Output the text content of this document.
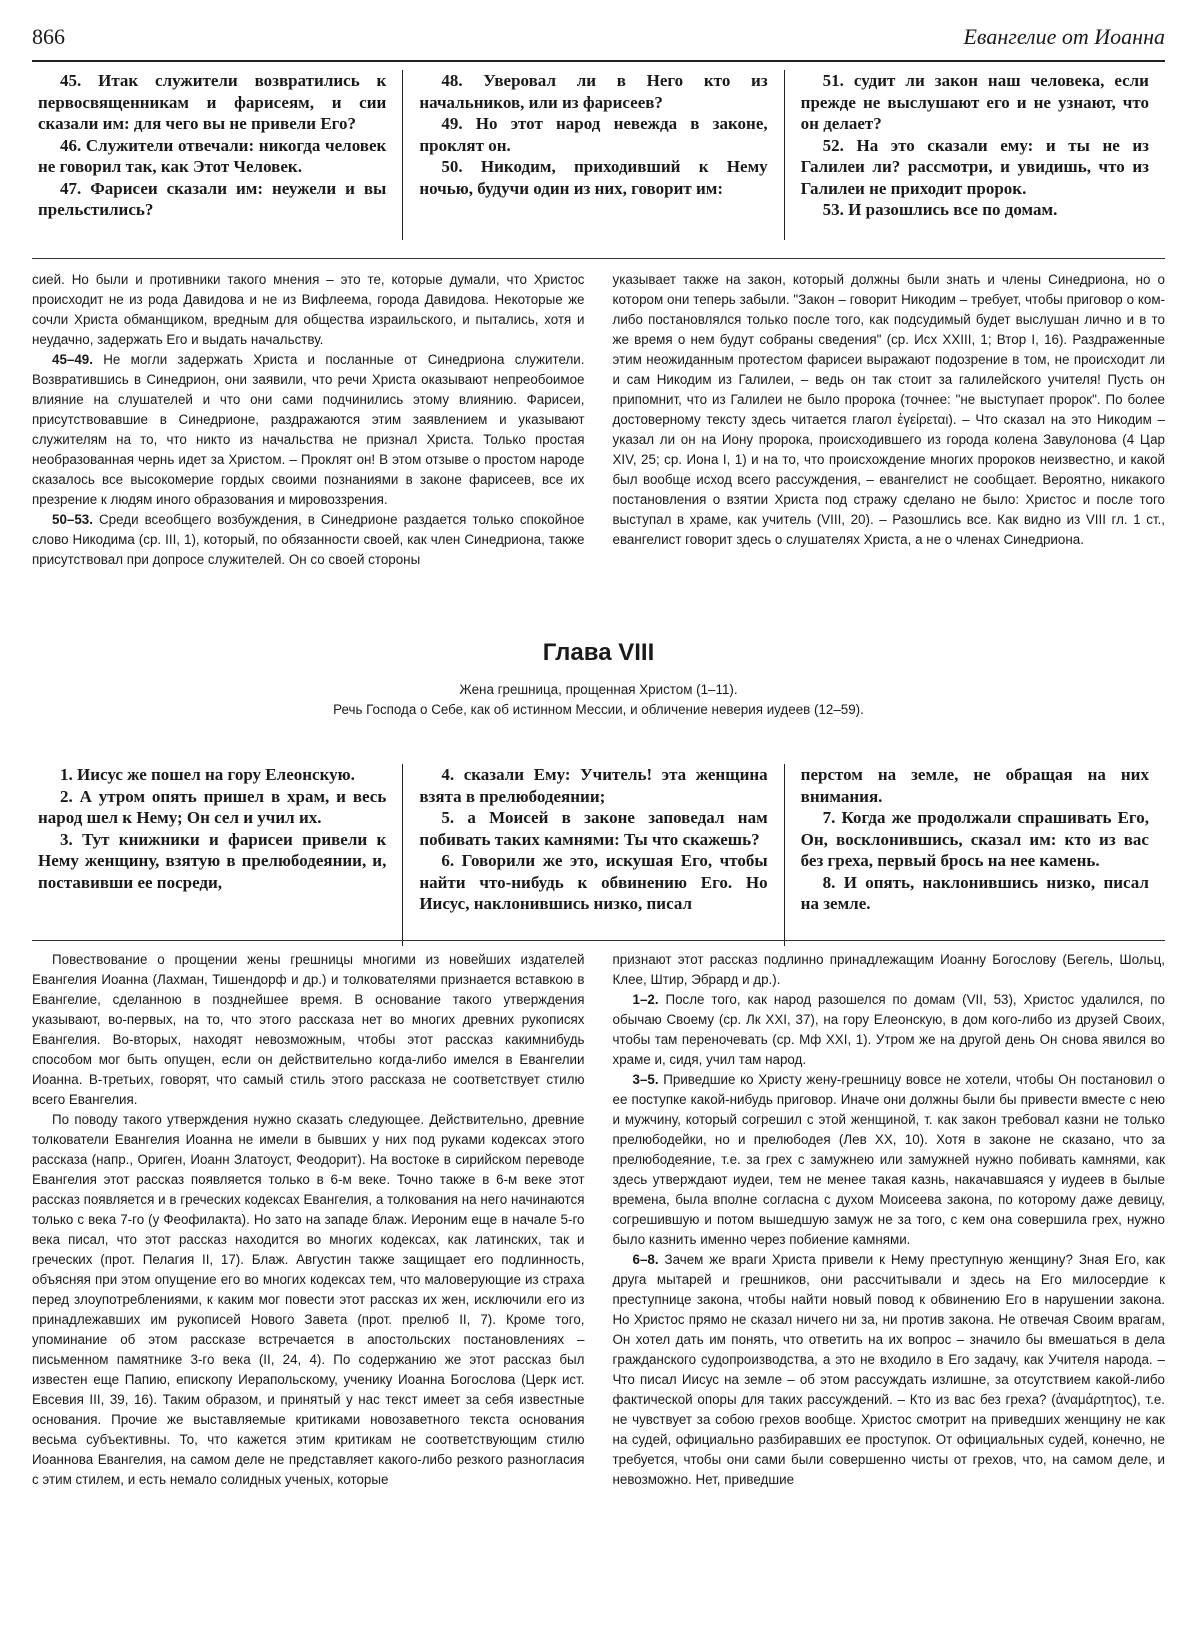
866	Евангелие от Иоанна

45. Итак служители возвратились к первосвященникам и фарисеям, и сии сказали им: для чего вы не привели Его?

46. Служители отвечали: никогда человек не говорил так, как Этот Человек.

47. Фарисеи сказали им: неужели и вы прельстились?

48. Уверовал ли в Него кто из начальников, или из фарисеев?

49. Но этот народ невежда в законе, проклят он.

50. Никодим, приходивший к Нему ночью, будучи один из них, говорит им:

51. судит ли закон наш человека, если прежде не выслушают его и не узнают, что он делает?

52. На это сказали ему: и ты не из Галилеи ли? рассмотри, и увидишь, что из Галилеи не приходит пророк.

53. И разошлись все по домам.

сией. Но были и противники такого мнения – это те, которые думали, что Христос происходит не из рода Давидова и не из Вифлеема, города Давидова. Некоторые же сочли Христа обманщиком, вредным для общества израильского, и пытались, хотя и неудачно, задержать Его и выдать начальству.

45–49. Не могли задержать Христа и посланные от Синедриона служители. Возвратившись в Синедрион, они заявили, что речи Христа оказывают непреобоимое влияние на слушателей и что они сами подчинились этому влиянию. Фарисеи, присутствовавшие в Синедрионе, раздражаются этим заявлением и указывают служителям на то, что никто из начальства не признал Христа. Только простая необразованная чернь идет за Христом. – Проклят он! В этом отзыве о простом народе сказалось все высокомерие гордых своими познаниями в законе фарисеев, все их презрение к людям иного образования и мировоззрения.

50–53. Среди всеобщего возбуждения, в Синедрионе раздается только спокойное слово Никодима (ср. III, 1), который, по обязанности своей, как член Синедриона, также присутствовал при допросе служителей. Он со своей стороны

указывает также на закон, который должны были знать и члены Синедриона, но о котором они теперь забыли. "Закон – говорит Никодим – требует, чтобы приговор о ком-либо постановлялся только после того, как подсудимый будет выслушан лично и в то же время о нем будут собраны сведения" (ср. Исх XXIII, 1; Втор I, 16). Раздраженные этим неожиданным протестом фарисеи выражают подозрение в том, не происходит ли и сам Никодим из Галилеи, – ведь он так стоит за галилейского учителя! Пусть он припомнит, что из Галилеи не было пророка (точнее: "не выступает пророк". По более достоверному тексту здесь читается глагол ἐγείρεται). – Что сказал на это Никодим – указал ли он на Иону пророка, происходившего из города колена Завулонова (4 Цар XIV, 25; ср. Иона I, 1) и на то, что происхождение многих пророков неизвестно, и какой был вообще исход всего рассуждения, – евангелист не сообщает. Вероятно, никакого постановления о взятии Христа под стражу сделано не было: Христос и после того выступал в храме, как учитель (VIII, 20). – Разошлись все. Как видно из VIII гл. 1 ст., евангелист говорит здесь о слушателях Христа, а не о членах Синедриона.

Глава VIII
Жена грешница, прощенная Христом (1–11).
Речь Господа о Себе, как об истинном Мессии, и обличение неверия иудеев (12–59).

1. Иисус же пошел на гору Елеонскую.

2. А утром опять пришел в храм, и весь народ шел к Нему; Он сел и учил их.

3. Тут книжники и фарисеи привели к Нему женщину, взятую в прелюбодеянии, и, поставивши ее посреди,

4. сказали Ему: Учитель! эта женщина взята в прелюбодеянии;

5. а Моисей в законе заповедал нам побивать таких камнями: Ты что скажешь?

6. Говорили же это, искушая Его, чтобы найти что-нибудь к обвинению Его. Но Иисус, наклонившись низко, писал

перстом на земле, не обращая на них внимания.

7. Когда же продолжали спрашивать Его, Он, восклонившись, сказал им: кто из вас без греха, первый брось на нее камень.

8. И опять, наклонившись низко, писал на земле.

Повествование о прощении жены грешницы многими из новейших издателей Евангелия Иоанна (Лахман, Тишендорф и др.) и толкователями признается вставкою в Евангелие, сделанною в позднейшее время. В основание такого утверждения указывают, во-первых, на то, что этого рассказа нет во многих древних рукописях Евангелия. Во-вторых, находят невозможным, чтобы этот рассказ какимнибудь способом мог быть опущен, если он действительно когда-либо имелся в Евангелии Иоанна. В-третьих, говорят, что самый стиль этого рассказа не соответствует стилю всего Евангелия.

По поводу такого утверждения нужно сказать следующее. Действительно, древние толкователи Евангелия Иоанна не имели в бывших у них под руками кодексах этого рассказа (напр., Ориген, Иоанн Златоуст, Феодорит). На востоке в сирийском переводе Евангелия этот рассказ появляется только в 6-м веке. Точно также в 6-м веке этот рассказ появляется и в греческих кодексах Евангелия, а толкования на него начинаются только с века 7-го (у Феофилакта). Но зато на западе блаж. Иероним еще в начале 5-го века писал, что этот рассказ находится во многих кодексах, как латинских, так и греческих (прот. Пелагия II, 17). Блаж. Августин также защищает его подлинность, объясняя при этом опущение его во многих кодексах тем, что маловерующие из страха перед злоупотреблениями, к каким мог повести этот рассказ их жен, исключили его из принадлежавших им рукописей Нового Завета (прот. прелюб II, 7). Кроме того, упоминание об этом рассказе встречается в апостольских постановлениях – письменном памятнике 3-го века (II, 24, 4). По содержанию же этот рассказ был известен еще Папию, епископу Иерапольскому, ученику Иоанна Богослова (Церк ист. Евсевия III, 39, 16). Таким образом, и принятый у нас текст имеет за себя известные основания. Прочие же выставляемые критиками новозаветного текста основания весьма субъективны. То, что кажется этим критикам не соответствующим стилю Иоаннова Евангелия, на самом деле не представляет какого-либо резкого разногласия с этим стилем, и есть немало солидных ученых, которые

признают этот рассказ подлинно принадлежащим Иоанну Богослову (Бегель, Шольц, Клее, Штир, Эбрард и др.).

1–2. После того, как народ разошелся по домам (VII, 53), Христос удалился, по обычаю Своему (ср. Лк XXI, 37), на гору Елеонскую, в дом кого-либо из друзей Своих, чтобы там переночевать (ср. Мф XXI, 1). Утром же на другой день Он снова явился во храме и, сидя, учил там народ.

3–5. Приведшие ко Христу жену-грешницу вовсе не хотели, чтобы Он постановил о ее поступке какой-нибудь приговор. Иначе они должны были бы привести вместе с нею и мужчину, который согрешил с этой женщиной, т. как закон требовал казни не только прелюбодейки, но и прелюбодея (Лев XX, 10). Хотя в законе не сказано, что за прелюбодеяние, т.е. за грех с замужнею или замужней нужно побивать камнями, как здесь утверждают иудеи, тем не менее такая казнь, накачавшаяся у иудеев в былые времена, была вполне согласна с духом Моисеева закона, по которому даже девицу, согрешившую и потом вышедшую замуж не за того, с кем она совершила грех, нужно было казнить именно через побиение камнями.

6–8. Зачем же враги Христа привели к Нему преступную женщину? Зная Его, как друга мытарей и грешников, они рассчитывали и здесь на Его милосердие к преступнице закона, чтобы найти новый повод к обвинению Его в нарушении закона. Но Христос прямо не сказал ничего ни за, ни против закона. Не отвечая Своим врагам, Он хотел дать им понять, что ответить на их вопрос – значило бы вмешаться в дела гражданского судопроизводства, а это не входило в Его задачу, как Учителя народа. – Что писал Иисус на земле – об этом рассуждать излишне, за отсутствием какой-либо фактической опоры для таких рассуждений. – Кто из вас без греха? (ἀναμάρτητος), т.е. не чувствует за собою грехов вообще. Христос смотрит на приведших женщину не как на судей, официально разбиравших ее проступок. От официальных судей, конечно, не требуется, чтобы они сами были совершенно чисты от грехов, что, на самом деле, и невозможно. Нет, приведшие
